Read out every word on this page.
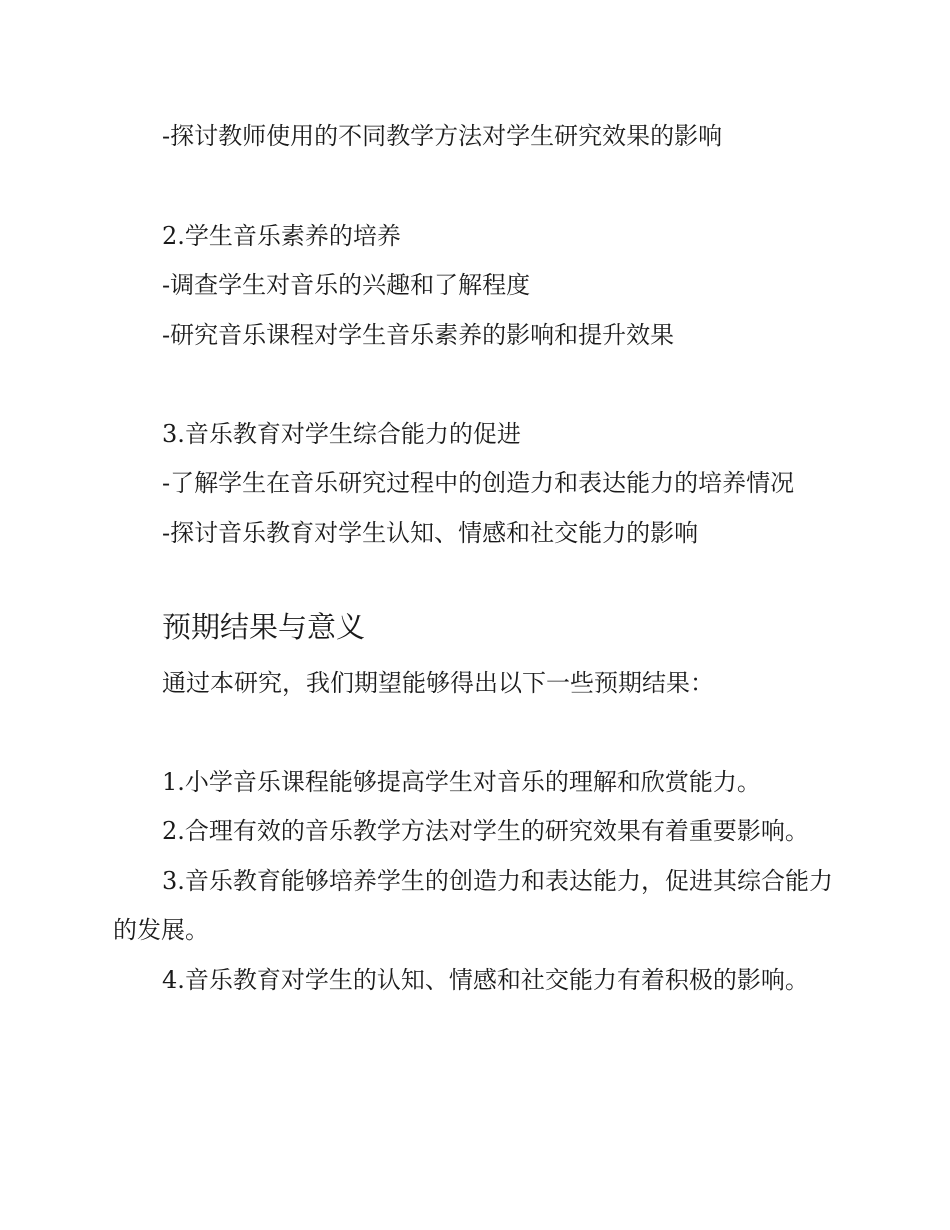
-探讨教师使用的不同教学方法对学生研究效果的影响
2.学生音乐素养的培养
-调查学生对音乐的兴趣和了解程度
-研究音乐课程对学生音乐素养的影响和提升效果
3.音乐教育对学生综合能力的促进
-了解学生在音乐研究过程中的创造力和表达能力的培养情况
-探讨音乐教育对学生认知、情感和社交能力的影响
预期结果与意义
通过本研究，我们期望能够得出以下一些预期结果：
1.小学音乐课程能够提高学生对音乐的理解和欣赏能力。
2.合理有效的音乐教学方法对学生的研究效果有着重要影响。
3.音乐教育能够培养学生的创造力和表达能力，促进其综合能力的发展。
4.音乐教育对学生的认知、情感和社交能力有着积极的影响。
